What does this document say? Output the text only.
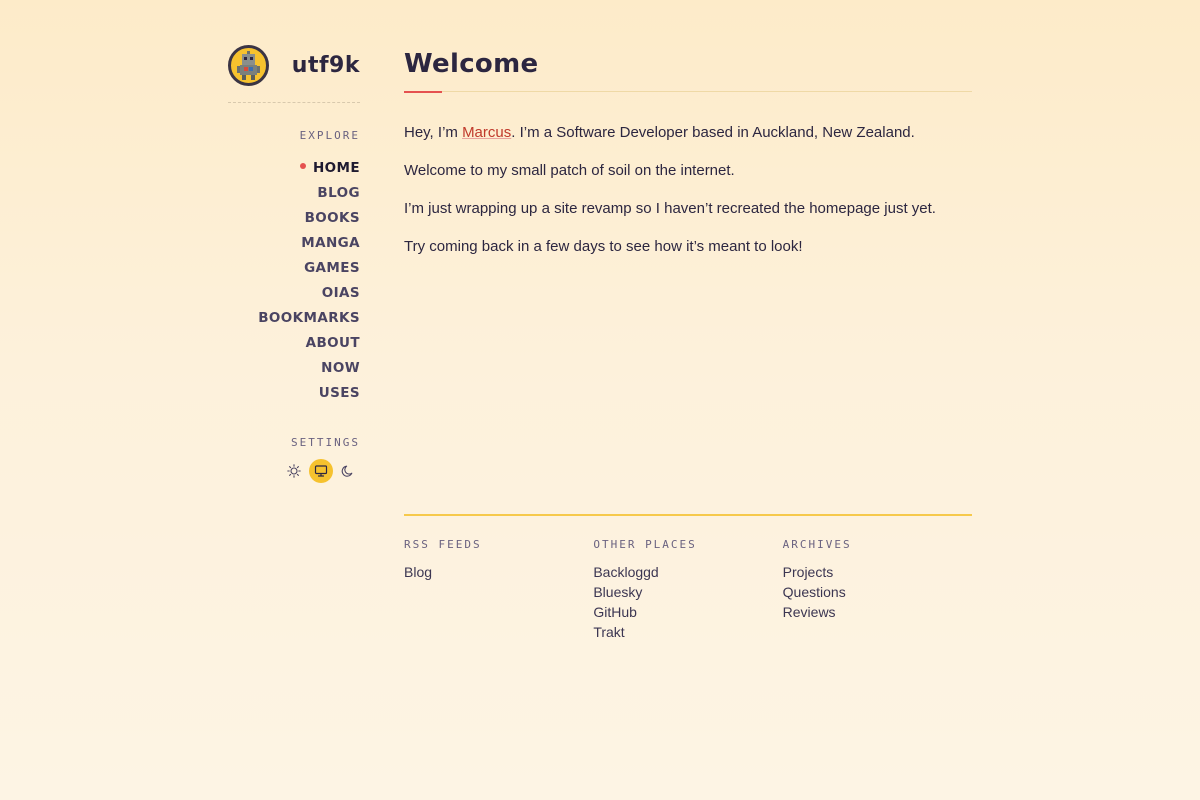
utf9k
EXPLORE
HOME
BLOG
BOOKS
MANGA
GAMES
OIAS
BOOKMARKS
ABOUT
NOW
USES
SETTINGS
Welcome

Hey, I’m Marcus. I’m a Software Developer based in Auckland, New Zealand.

Welcome to my small patch of soil on the internet.

I’m just wrapping up a site revamp so I haven’t recreated the homepage just yet.

Try coming back in a few days to see how it’s meant to look!

RSS FEEDS
Blog
OTHER PLACES
Backloggd
Bluesky
GitHub
Trakt
ARCHIVES
Projects
Questions
Reviews
